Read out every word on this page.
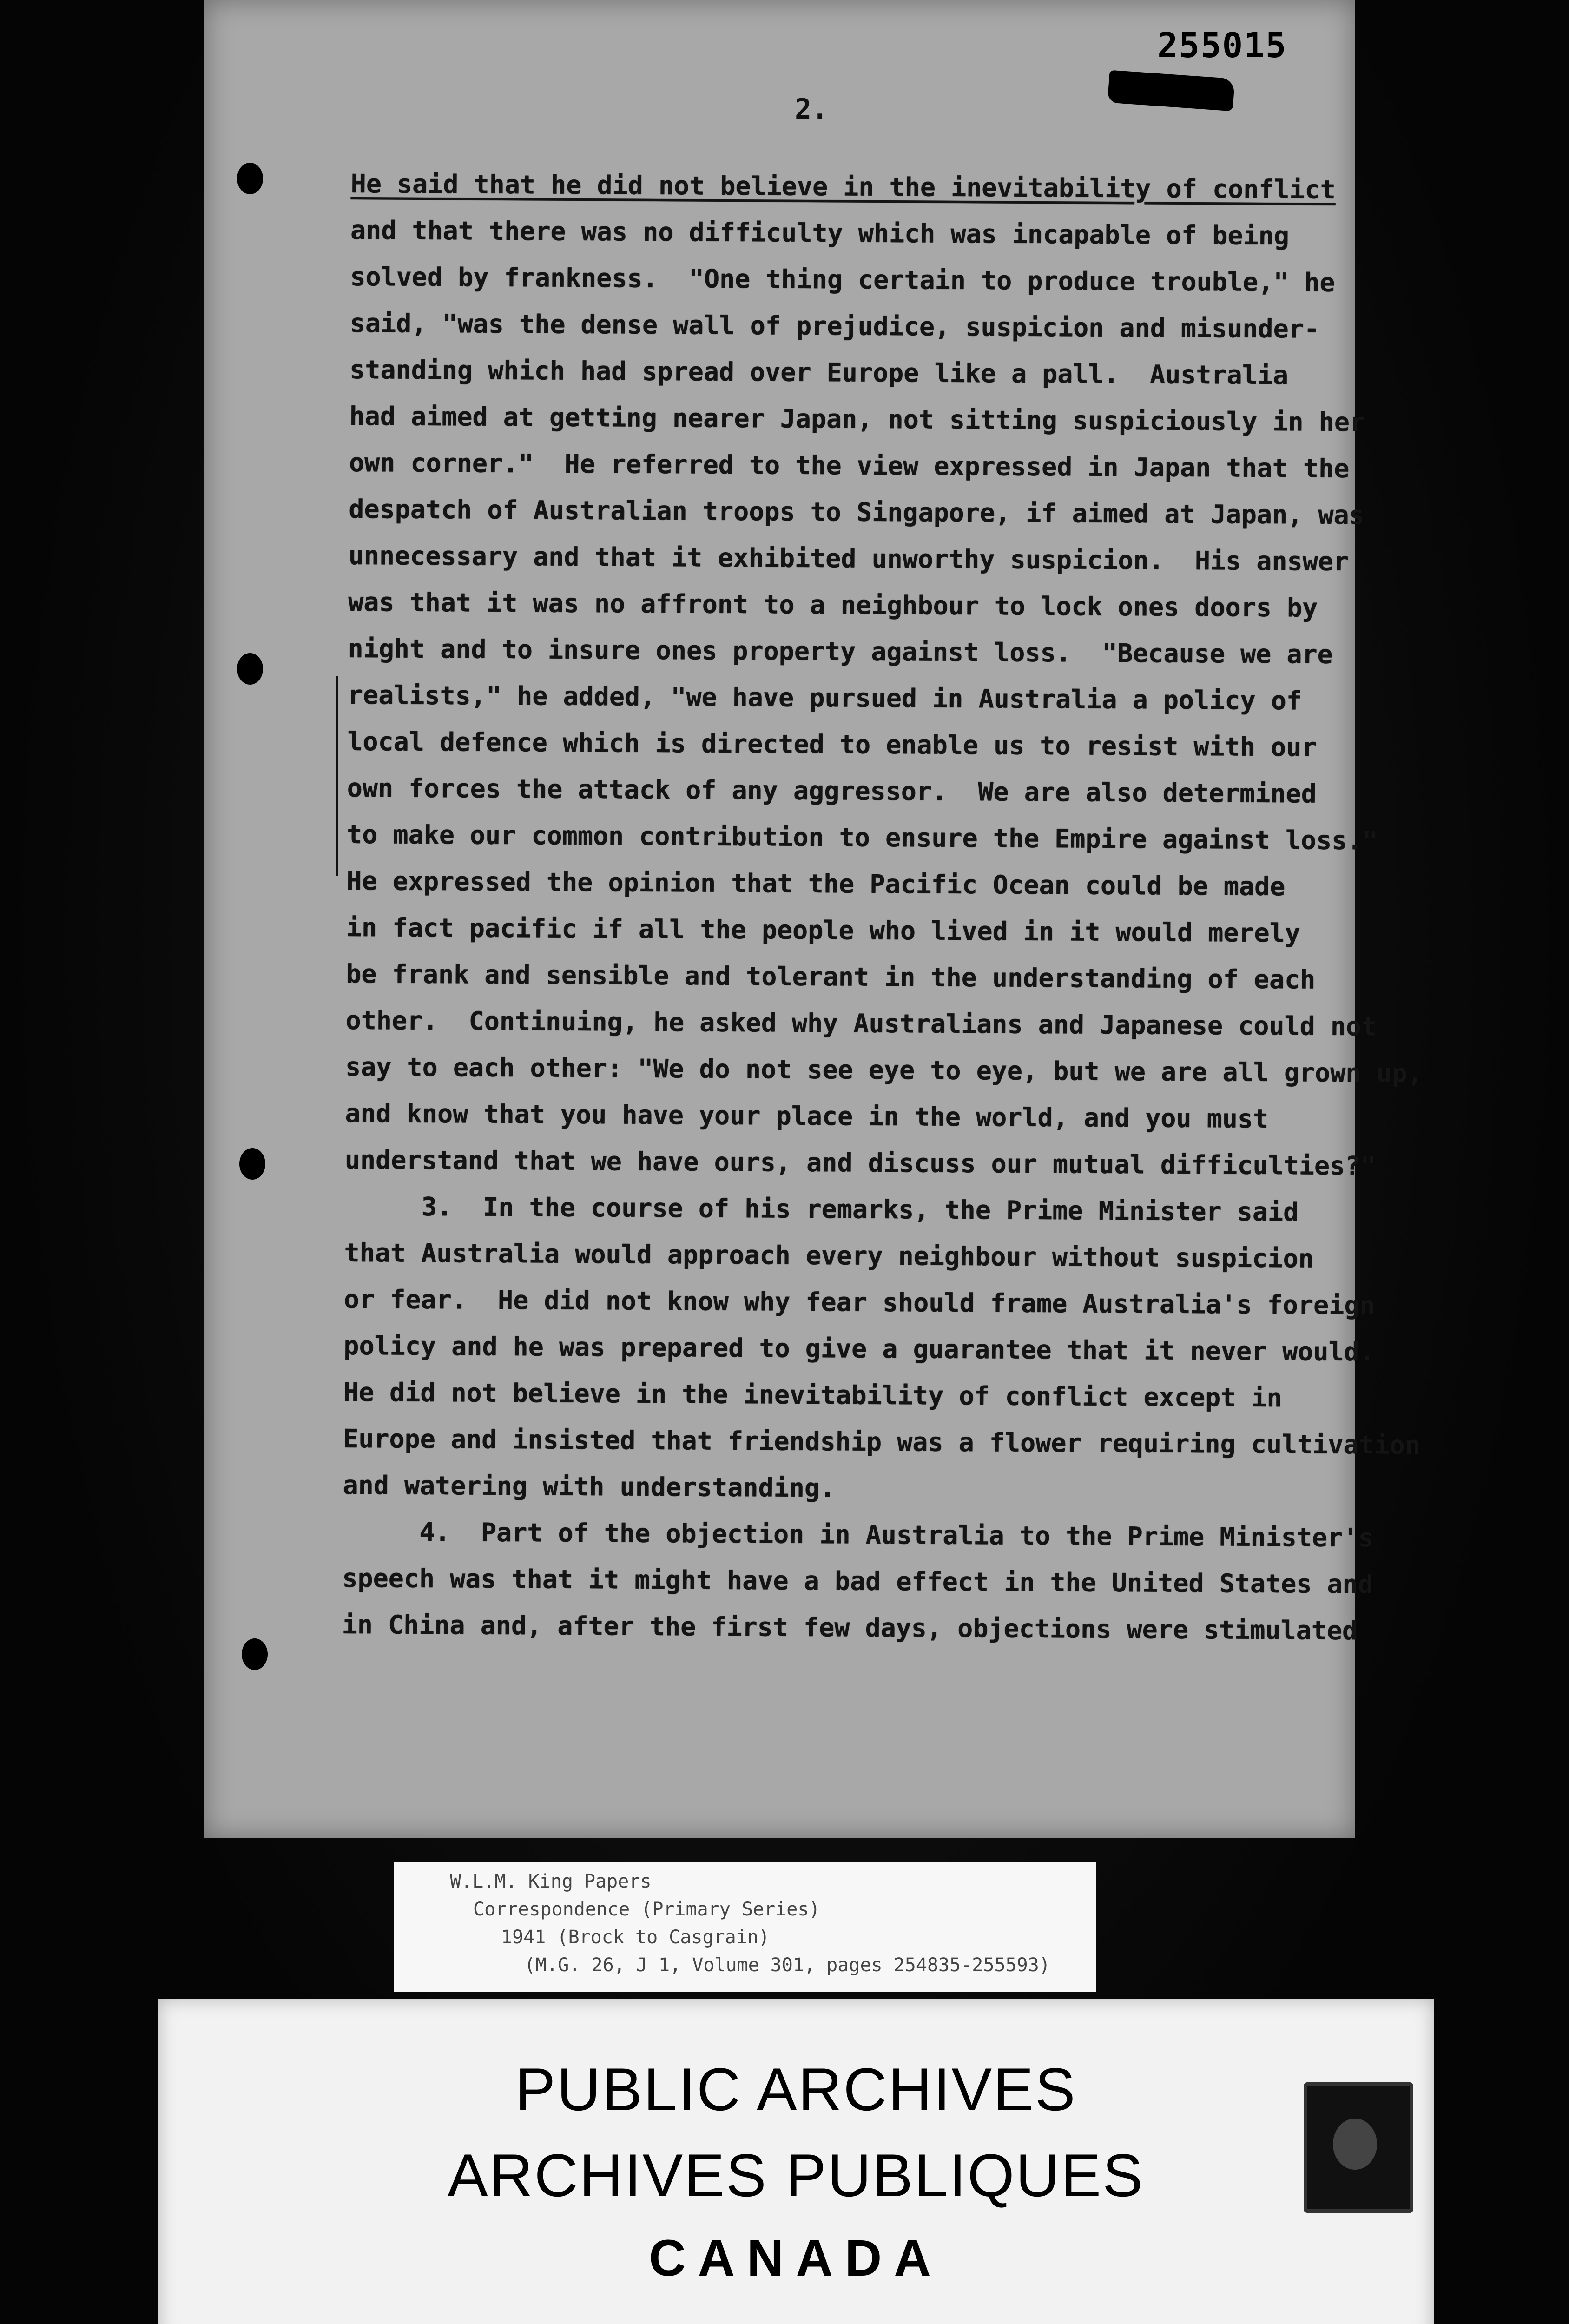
255015
2.

He said that he did not believe in the inevitability of conflict

and that there was no difficulty which was incapable of being

solved by frankness.  "One thing certain to produce trouble," he

said, "was the dense wall of prejudice, suspicion and misunder-

standing which had spread over Europe like a pall.  Australia

had aimed at getting nearer Japan, not sitting suspiciously in her

own corner."  He referred to the view expressed in Japan that the

despatch of Australian troops to Singapore, if aimed at Japan, was

unnecessary and that it exhibited unworthy suspicion.  His answer

was that it was no affront to a neighbour to lock ones doors by

night and to insure ones property against loss.  "Because we are

realists," he added, "we have pursued in Australia a policy of

local defence which is directed to enable us to resist with our

own forces the attack of any aggressor.  We are also determined

to make our common contribution to ensure the Empire against loss."

He expressed the opinion that the Pacific Ocean could be made

in fact pacific if all the people who lived in it would merely

be frank and sensible and tolerant in the understanding of each

other.  Continuing, he asked why Australians and Japanese could not

say to each other: "We do not see eye to eye, but we are all grown up,

and know that you have your place in the world, and you must

understand that we have ours, and discuss our mutual difficulties?"

3.  In the course of his remarks, the Prime Minister said

that Australia would approach every neighbour without suspicion

or fear.  He did not know why fear should frame Australia's foreign

policy and he was prepared to give a guarantee that it never would.

He did not believe in the inevitability of conflict except in

Europe and insisted that friendship was a flower requiring cultivation

and watering with understanding.

4.  Part of the objection in Australia to the Prime Minister's

speech was that it might have a bad effect in the United States and

in China and, after the first few days, objections were stimulated

W.L.M. King Papers
Correspondence (Primary Series)
1941 (Brock to Casgrain)
(M.G. 26, J 1, Volume 301, pages 254835-255593)
PUBLIC ARCHIVES
ARCHIVES PUBLIQUES
CANADA
